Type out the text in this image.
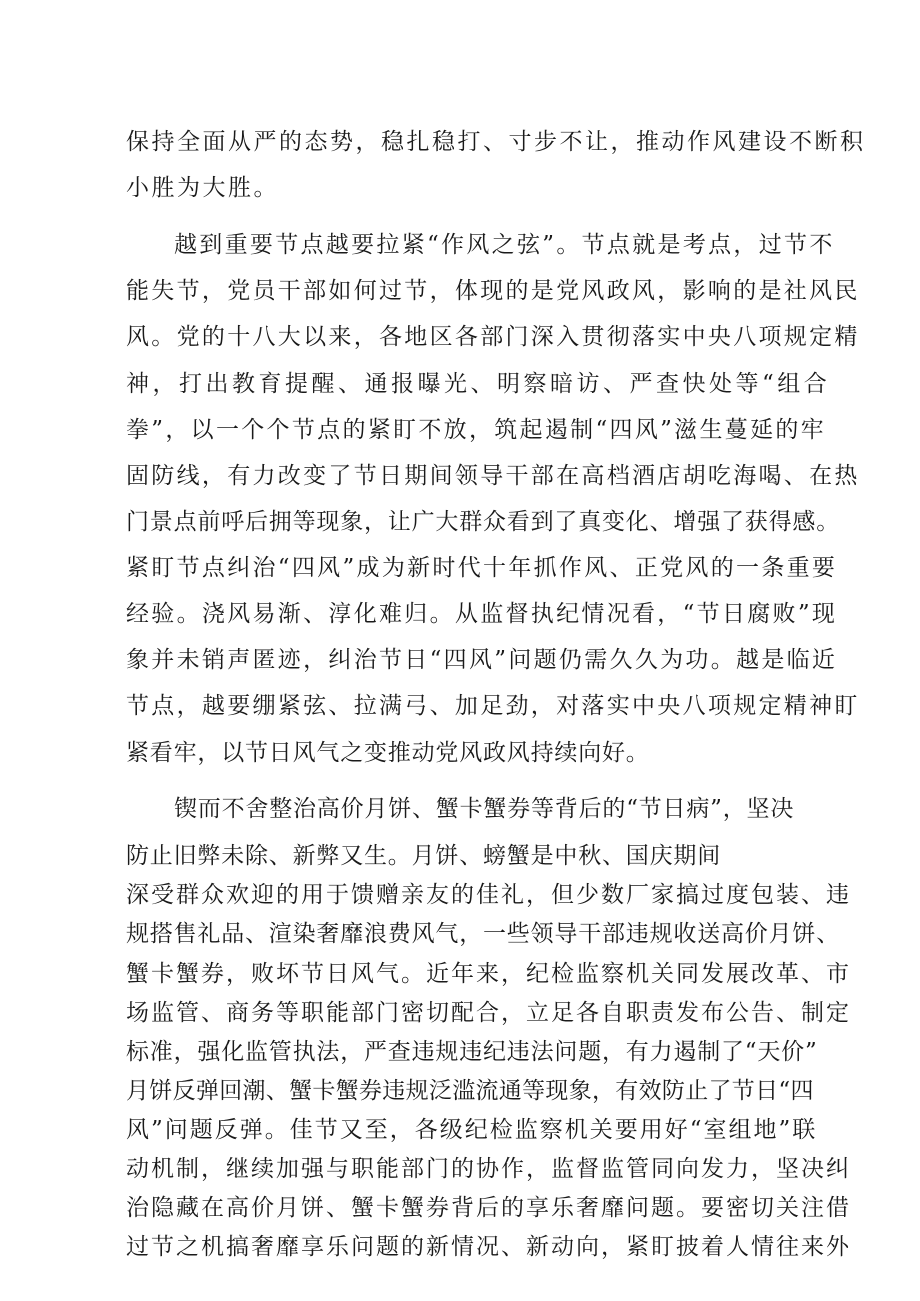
保持全面从严的态势，稳扎稳打、寸步不让，推动作风建设不断积
小胜为大胜。
越到重要节点越要拉紧“作风之弦”。节点就是考点，过节不
能失节，党员干部如何过节，体现的是党风政风，影响的是社风民
风。党的十八大以来，各地区各部门深入贯彻落实中央八项规定精
神，打出教育提醒、通报曝光、明察暗访、严查快处等“组合
拳”，以一个个节点的紧盯不放，筑起遏制“四风”滋生蔓延的牢
固防线，有力改变了节日期间领导干部在高档酒店胡吃海喝、在热
门景点前呼后拥等现象，让广大群众看到了真变化、增强了获得感。
紧盯节点纠治“四风”成为新时代十年抓作风、正党风的一条重要
经验。浇风易渐、淳化难归。从监督执纪情况看，“节日腐败”现
象并未销声匿迹，纠治节日“四风”问题仍需久久为功。越是临近
节点，越要绷紧弦、拉满弓、加足劲，对落实中央八项规定精神盯
紧看牢，以节日风气之变推动党风政风持续向好。
锲而不舍整治高价月饼、蟹卡蟹券等背后的“节日病”，坚决
防止旧弊未除、新弊又生。月饼、螃蟹是中秋、国庆期间
深受群众欢迎的用于馈赠亲友的佳礼，但少数厂家搞过度包装、违
规搭售礼品、渲染奢靡浪费风气，一些领导干部违规收送高价月饼、
蟹卡蟹券，败坏节日风气。近年来，纪检监察机关同发展改革、市
场监管、商务等职能部门密切配合，立足各自职责发布公告、制定
标准，强化监管执法，严查违规违纪违法问题，有力遏制了“天价”
月饼反弹回潮、蟹卡蟹券违规泛滥流通等现象，有效防止了节日“四
风”问题反弹。佳节又至，各级纪检监察机关要用好“室组地”联
动机制，继续加强与职能部门的协作，监督监管同向发力，坚决纠
治隐藏在高价月饼、蟹卡蟹券背后的享乐奢靡问题。要密切关注借
过节之机搞奢靡享乐问题的新情况、新动向，紧盯披着人情往来外
